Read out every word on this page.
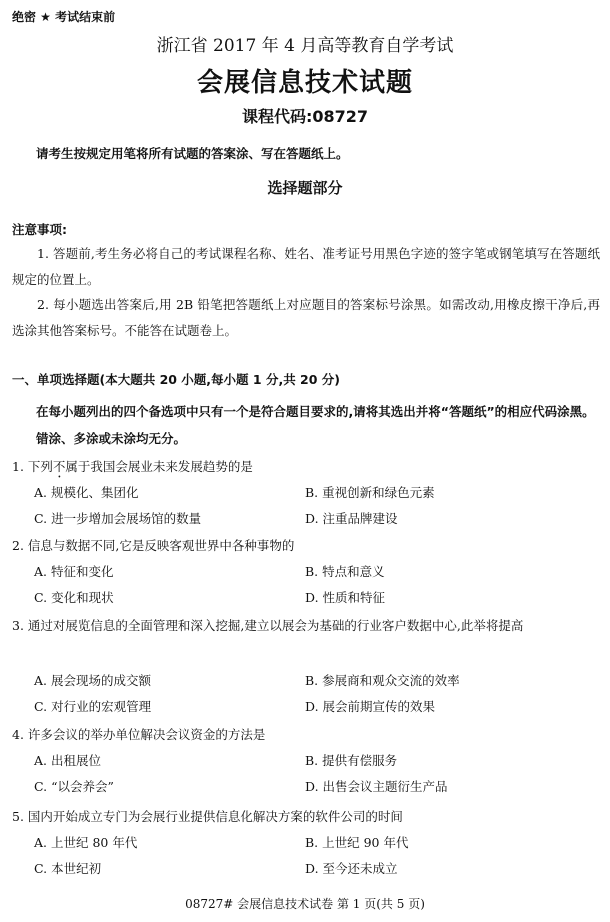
绝密 ★ 考试结束前
浙江省 2017 年 4 月高等教育自学考试
会展信息技术试题
课程代码:08727
请考生按规定用笔将所有试题的答案涂、写在答题纸上。
选择题部分
注意事项:
1. 答题前,考生务必将自己的考试课程名称、姓名、准考证号用黑色字迹的签字笔或钢笔填写在答题纸规定的位置上。
2. 每小题选出答案后,用 2B 铅笔把答题纸上对应题目的答案标号涂黑。如需改动,用橡皮擦干净后,再选涂其他答案标号。不能答在试题卷上。
一、单项选择题(本大题共 20 小题,每小题 1 分,共 20 分)
在每小题列出的四个备选项中只有一个是符合题目要求的,请将其选出并将“答题纸”的相应代码涂黑。错涂、多涂或未涂均无分。
1. 下列不属于我国会展业未来发展趋势的是
A. 规模化、集团化	B. 重视创新和绿色元素
C. 进一步增加会展场馆的数量	D. 注重品牌建设
2. 信息与数据不同,它是反映客观世界中各种事物的
A. 特征和变化	B. 特点和意义
C. 变化和现状	D. 性质和特征
3. 通过对展览信息的全面管理和深入挖掘,建立以展会为基础的行业客户数据中心,此举将提高
A. 展会现场的成交额	B. 参展商和观众交流的效率
C. 对行业的宏观管理	D. 展会前期宣传的效果
4. 许多会议的举办单位解决会议资金的方法是
A. 出租展位	B. 提供有偿服务
C. “以会养会”	D. 出售会议主题衍生产品
5. 国内开始成立专门为会展行业提供信息化解决方案的软件公司的时间
A. 上世纪 80 年代	B. 上世纪 90 年代
C. 本世纪初	D. 至今还未成立
08727# 会展信息技术试卷 第 1 页(共 5 页)
